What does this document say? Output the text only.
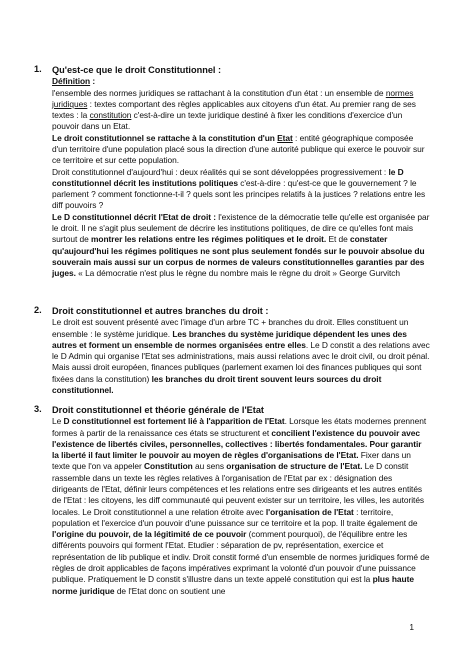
1. Qu'est-ce que le droit Constitutionnel :

Définition :

l'ensemble des normes juridiques se rattachant à la constitution d'un état : un ensemble de normes juridiques : textes comportant des règles applicables aux citoyens d'un état. Au premier rang de ses textes : la constitution c'est-à-dire un texte juridique destiné à fixer les conditions d'exercice d'un pouvoir dans un Etat.

Le droit constitutionnel se rattache à la constitution d'un Etat : entité géographique composée d'un territoire d'une population placé sous la direction d'une autorité publique qui exerce le pouvoir sur ce territoire et sur cette population.

Droit constitutionnel d'aujourd'hui : deux réalités qui se sont développées progressivement : le D constitutionnel décrit les institutions politiques c'est-à-dire : qu'est-ce que le gouvernement ? le parlement ? comment fonctionne-t-il ? quels sont les principes relatifs à la justices ? relations entre les diff pouvoirs ?

Le D constitutionnel décrit l'Etat de droit : l'existence de la démocratie telle qu'elle est organisée par le droit. Il ne s'agit plus seulement de décrire les institutions politiques, de dire ce qu'elles font mais surtout de montrer les relations entre les régimes politiques et le droit. Et de constater qu'aujourd'hui les régimes politiques ne sont plus seulement fondés sur le pouvoir absolue du souverain mais aussi sur un corpus de normes de valeurs constitutionnelles garanties par des juges. « La démocratie n'est plus le règne du nombre mais le règne du droit » George Gurvitch

2. Droit constitutionnel et autres branches du droit :

Le droit est souvent présenté avec l'image d'un arbre TC + branches du droit. Elles constituent un ensemble : le système juridique. Les branches du système juridique dépendent les unes des autres et forment un ensemble de normes organisées entre elles. Le D constit a des relations avec le D Admin qui organise l'Etat ses administrations, mais aussi relations avec le droit civil, ou droit pénal. Mais aussi droit européen, finances publiques (parlement examen loi des finances publiques qui sont fixées dans la constitution) les branches du droit tirent souvent leurs sources du droit constitutionnel.

3. Droit constitutionnel et théorie générale de l'Etat

Le D constitutionnel est fortement lié à l'apparition de l'Etat. Lorsque les états modernes prennent formes à partir de la renaissance ces états se structurent et concilient l'existence du pouvoir avec l'existence de libertés civiles, personnelles, collectives : libertés fondamentales. Pour garantir la liberté il faut limiter le pouvoir au moyen de règles d'organisations de l'Etat. Fixer dans un texte que l'on va appeler Constitution au sens organisation de structure de l'Etat. Le D constit rassemble dans un texte les règles relatives à l'organisation de l'Etat par ex : désignation des dirigeants de l'Etat, définir leurs compétences et les relations entre ses dirigeants et les autres entités de l'Etat : les citoyens, les diff communauté qui peuvent exister sur un territoire, les villes, les autorités locales. Le Droit constitutionnel a une relation étroite avec l'organisation de l'Etat : territoire, population et l'exercice d'un pouvoir d'une puissance sur ce territoire et la pop. Il traite également de l'origine du pouvoir, de la légitimité de ce pouvoir (comment pourquoi), de l'équilibre entre les différents pouvoirs qui forment l'Etat. Etudier : séparation de pv, représentation, exercice et représentation de lib publique et indiv. Droit constit formé d'un ensemble de normes juridiques formé de règles de droit applicables de façons impératives exprimant la volonté d'un pouvoir d'une puissance publique. Pratiquement le D constit s'illustre dans un texte appelé constitution qui est la plus haute norme juridique de l'Etat donc on soutient une

1
